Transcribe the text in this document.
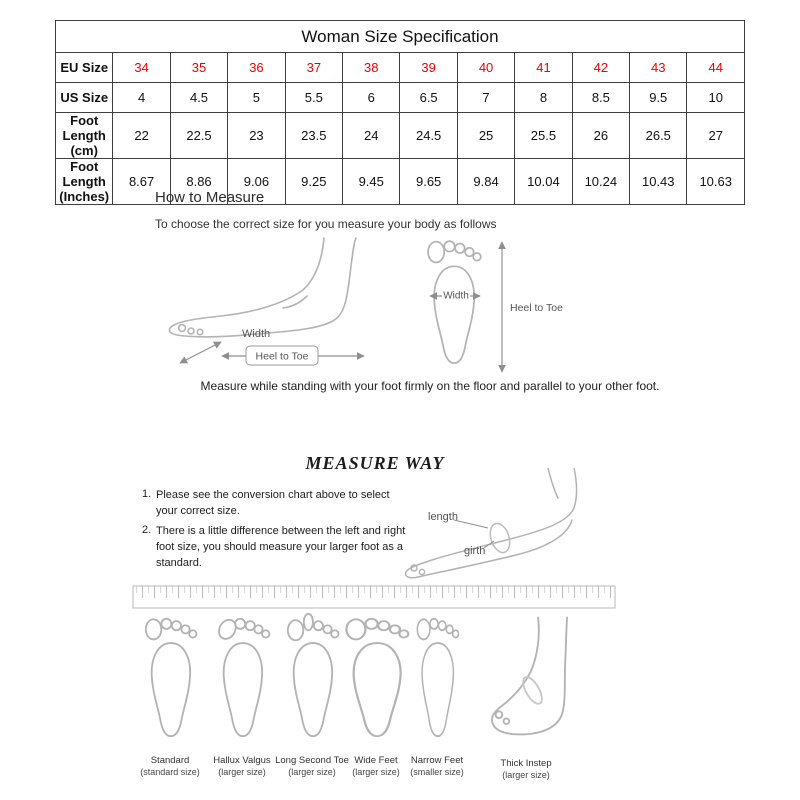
Woman Size Specification											
EU Size	34	35	36	37	38	39	40	41	42	43	44
US Size	4	4.5	5	5.5	6	6.5	7	8	8.5	9.5	10
Foot Length (cm)	22	22.5	23	23.5	24	24.5	25	25.5	26	26.5	27
Foot Length (Inches)	8.67	8.86	9.06	9.25	9.45	9.65	9.84	10.04	10.24	10.43	10.63
How to Measure
To choose the correct size for you measure your body as follows
Heel to Toe
Width
Width
Heel to Toe
Measure while standing with your foot firmly on the floor and parallel to your other foot.
MEASURE WAY
1. Please see the conversion chart above to select your correct size.
2. There is a little difference between the left and right foot size, you should measure your larger foot as a standard.
length
girth
Standard
(standard size)
Hallux Valgus
(larger size)
Long Second Toe
(larger size)
Wide Feet
(larger size)
Narrow Feet
(smaller size)
Thick Instep
(larger size)
